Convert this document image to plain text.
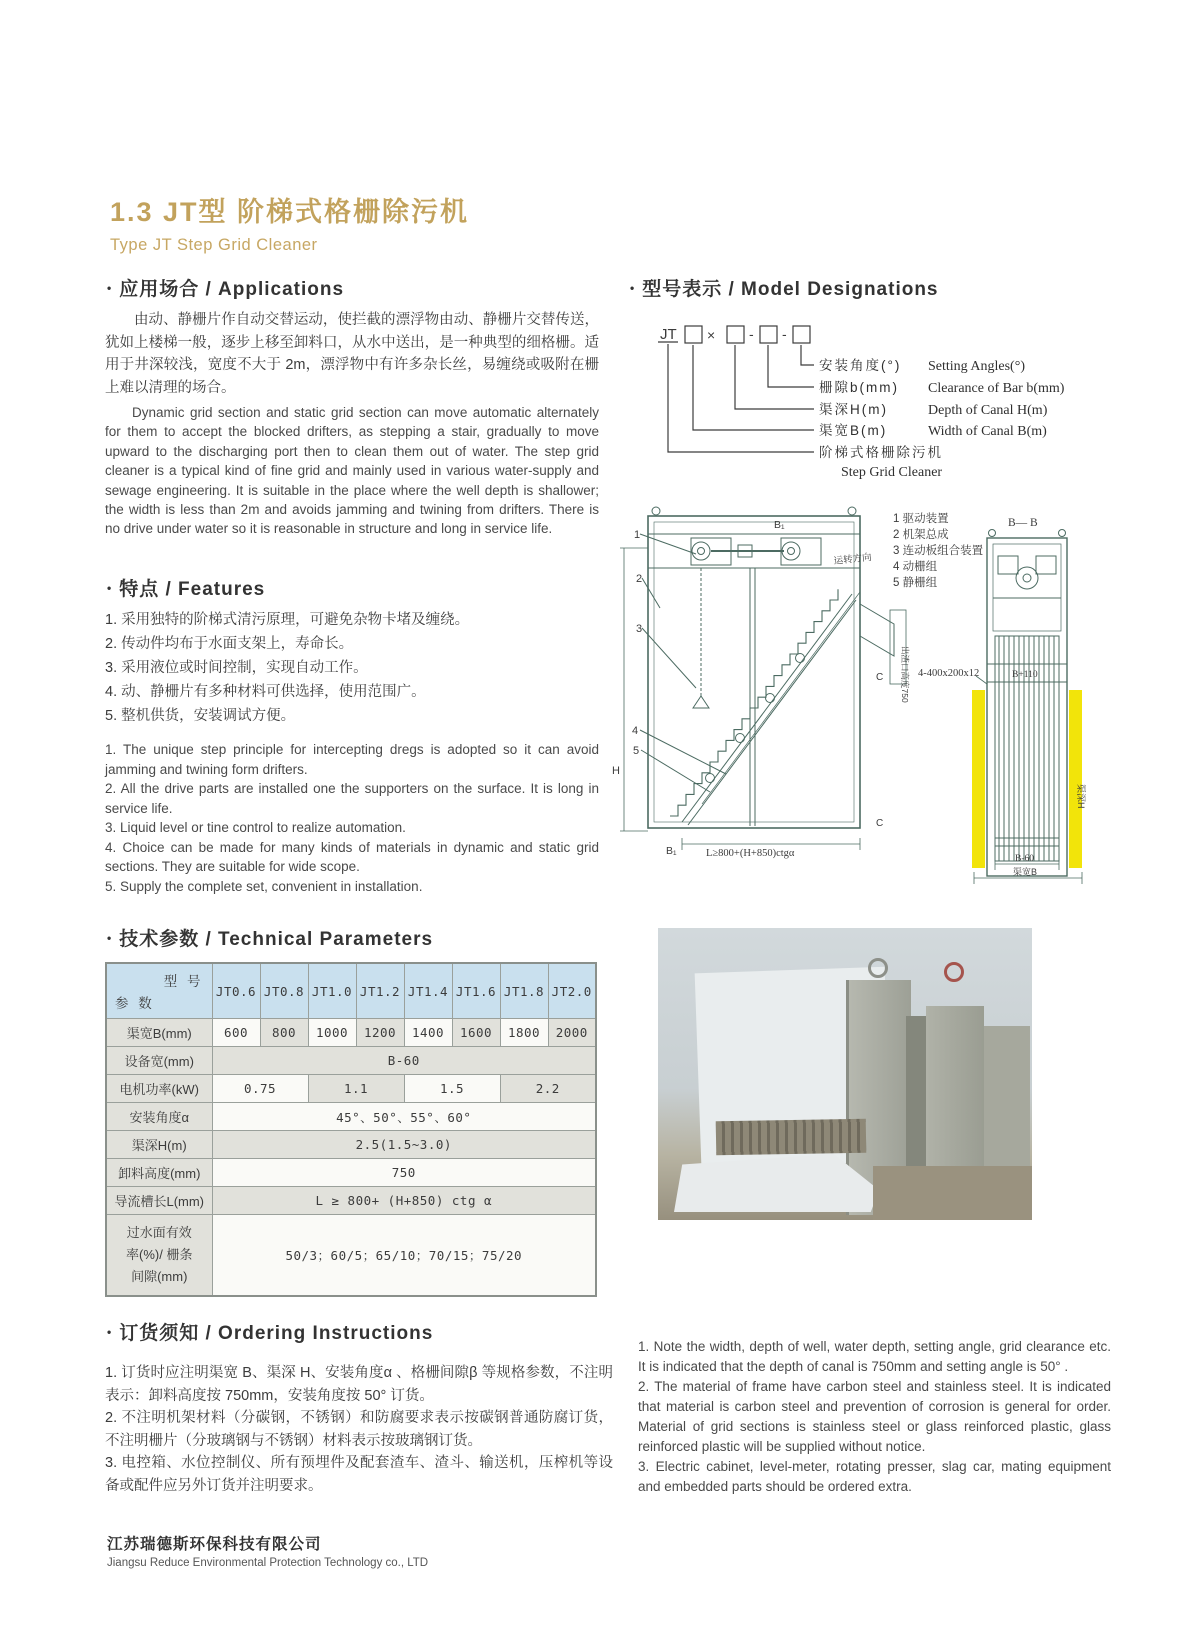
1.3 JT型 阶梯式格栅除污机
Type JT Step Grid Cleaner
• 应用场合 / Applications
由动、静栅片作自动交替运动，使拦截的漂浮物由动、静栅片交替传送，犹如上楼梯一般，逐步上移至卸料口，从水中送出，是一种典型的细格栅。适用于井深较浅，宽度不大于 2m，漂浮物中有许多杂长丝，易缠绕或吸附在栅上难以清理的场合。
Dynamic grid section and static grid section can move automatic alternately for them to accept the blocked drifters, as stepping a stair, gradually to move upward to the discharging port then to clean them out of water. The step grid cleaner is a typical kind of fine grid and mainly used in various water-supply and sewage engineering. It is suitable in the place where the well depth is shallower; the width is less than 2m and avoids jamming and twining from drifters. There is no drive under water so it is reasonable in structure and long in service life.
• 特点 / Features
1. 采用独特的阶梯式清污原理，可避免杂物卡堵及缠绕。
2. 传动件均布于水面支架上，寿命长。
3. 采用液位或时间控制，实现自动工作。
4. 动、静栅片有多种材料可供选择，使用范围广。
5. 整机供货，安装调试方便。
1. The unique step principle for intercepting dregs is adopted so it can avoid jamming and twining form drifters.
2. All the drive parts are installed one the supporters on the surface. It is long in service life.
3. Liquid level or tine control to realize automation.
4. Choice can be made for many kinds of materials in dynamic and static grid sections. They are suitable for wide scope.
5. Supply the complete set, convenient in installation.
• 型号表示 / Model Designations
JT × - -
安装角度(°) Setting Angles(°)
栅隙b(mm) Clearance of Bar b(mm)
渠深H(m)	Depth of Canal H(m)
渠宽B(m)	Width of Canal B(m)
阶梯式格栅除污机
Step Grid Cleaner
1
2
3
4
5
B₁
运转方向
出渣口高度750
H
C
C
B₁	L≥800+(H+850)ctgα
B— B
4-400x200x12	B+110
B-60
渠宽B
渠深H
1 驱动装置
2 机架总成
3 连动板组合装置
4 动栅组
5 静栅组
• 技术参数 / Technical Parameters
型 号
参 数	JT0.6	JT0.8	JT1.0	JT1.2	JT1.4	JT1.6	JT1.8	JT2.0
渠宽B(mm)	600	800	1000	1200	1400	1600	1800	2000
设备宽(mm)	B-60							
电机功率(kW)	0.75		1.1		1.5		2.2	
安装角度α	45°、50°、55°、60°							
渠深H(m)	2.5(1.5~3.0)							
卸料高度(mm)	750							
导流槽长L(mm)	L ≥ 800+ (H+850) ctg α							

过水面有效
率(%)/ 栅条
间隙(mm)	50/3；60/5；65/10；70/15；75/20							
• 订货须知 / Ordering Instructions
1. 订货时应注明渠宽 B、渠深 H、安装角度α 、格栅间隙β 等规格参数，不注明表示：卸料高度按 750mm，安装角度按 50° 订货。
2. 不注明机架材料（分碳钢，不锈钢）和防腐要求表示按碳钢普通防腐订货，不注明栅片（分玻璃钢与不锈钢）材料表示按玻璃钢订货。
3. 电控箱、水位控制仪、所有预埋件及配套渣车、渣斗、输送机，压榨机等设备或配件应另外订货并注明要求。
1. Note the width, depth of well, water depth, setting angle, grid clearance etc. It is indicated that the depth of canal is 750mm and setting angle is 50° .
2. The material of frame have carbon steel and stainless steel. It is indicated that material is carbon steel and prevention of corrosion is general for order. Material of grid sections is stainless steel or glass reinforced plastic, glass reinforced plastic will be supplied without notice.
3. Electric cabinet, level-meter, rotating presser, slag car, mating equipment and embedded parts should be ordered extra.
江苏瑞德斯环保科技有限公司
Jiangsu Reduce Environmental Protection Technology co., LTD
